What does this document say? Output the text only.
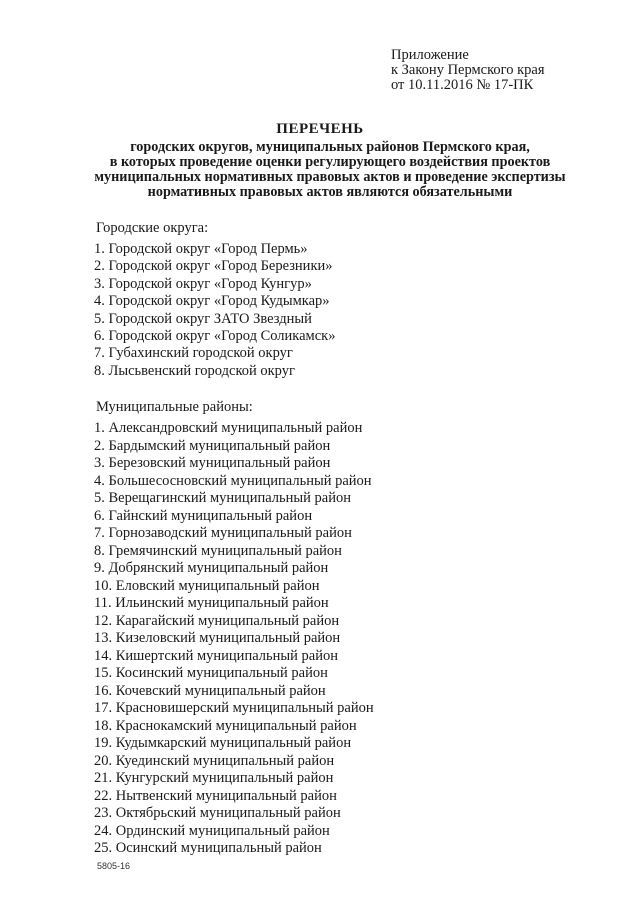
Приложение
к Закону Пермского края
от 10.11.2016 № 17-ПК
ПЕРЕЧЕНЬ
городских округов, муниципальных районов Пермского края,
в которых проведение оценки регулирующего воздействия проектов
муниципальных нормативных правовых актов и проведение экспертизы
нормативных правовых актов являются обязательными
Городские округа:
1. Городской округ «Город Пермь»
2. Городской округ «Город Березники»
3. Городской округ «Город Кунгур»
4. Городской округ «Город Кудымкар»
5. Городской округ ЗАТО Звездный
6. Городской округ «Город Соликамск»
7. Губахинский городской округ
8. Лысьвенский городской округ
Муниципальные районы:
1. Александровский муниципальный район
2. Бардымский муниципальный район
3. Березовский муниципальный район
4. Большесосновский муниципальный район
5. Верещагинский муниципальный район
6. Гайнский муниципальный район
7. Горнозаводский муниципальный район
8. Гремячинский муниципальный район
9. Добрянский муниципальный район
10. Еловский муниципальный район
11. Ильинский муниципальный район
12. Карагайский муниципальный район
13. Кизеловский муниципальный район
14. Кишертский муниципальный район
15. Косинский муниципальный район
16. Кочевский муниципальный район
17. Красновишерский муниципальный район
18. Краснокамский муниципальный район
19. Кудымкарский муниципальный район
20. Куединский муниципальный район
21. Кунгурский муниципальный район
22. Нытвенский муниципальный район
23. Октябрьский муниципальный район
24. Ординский муниципальный район
25. Осинский муниципальный район
5805-16
